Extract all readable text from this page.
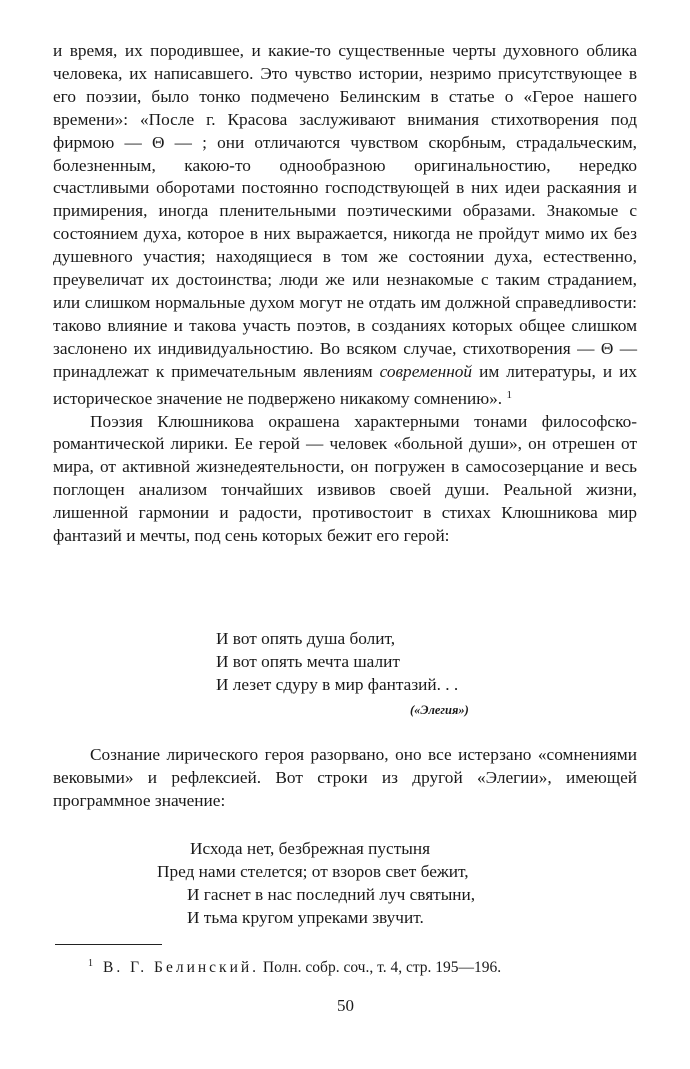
и время, их породившее, и какие-то существенные черты духовного облика человека, их написавшего. Это чувство истории, незримо присутствующее в его поэзии, было тонко подмечено Белинским в статье о «Герое нашего времени»: «После г. Красова заслуживают внимания стихотворения под фирмою — Θ — ; они отличаются чувством скорбным, страдальческим, болезненным, какою-то однообразною оригинальностию, нередко счастливыми оборотами постоянно господствующей в них идеи раскаяния и примирения, иногда пленительными поэтическими образами. Знакомые с состоянием духа, которое в них выражается, никогда не пройдут мимо их без душевного участия; находящиеся в том же состоянии духа, естественно, преувеличат их достоинства; люди же или незнакомые с таким страданием, или слишком нормальные духом могут не отдать им должной справедливости: таково влияние и такова участь поэтов, в созданиях которых общее слишком заслонено их индивидуальностию. Во всяком случае, стихотворения — Θ — принадлежат к примечательным явлениям современной им литературы, и их историческое значение не подвержено никакому сомнению». $^1$

Поэзия Клюшникова окрашена характерными тонами философско-романтической лирики. Ее герой — человек «больной души», он отрешен от мира, от активной жизнедеятельности, он погружен в самосозерцание и весь поглощен анализом тончайших извивов своей души. Реальной жизни, лишенной гармонии и радости, противостоит в стихах Клюшникова мир фантазий и мечты, под сень которых бежит его герой:

И вот опять душа болит,
И вот опять мечта шалит
И лезет сдуру в мир фантазий. . .
(«Элегия»)

Сознание лирического героя разорвано, оно все истерзано «сомнениями вековыми» и рефлексией. Вот строки из другой «Элегии», имеющей программное значение:

Исхода нет, безбрежная пустыня
Пред нами стелется; от взоров свет бежит,
И гаснет в нас последний луч святыни,
И тьма кругом упреками звучит.
$^1$ В. Г. Белинский. Полн. собр. соч., т. 4, стр. 195—196.
50
